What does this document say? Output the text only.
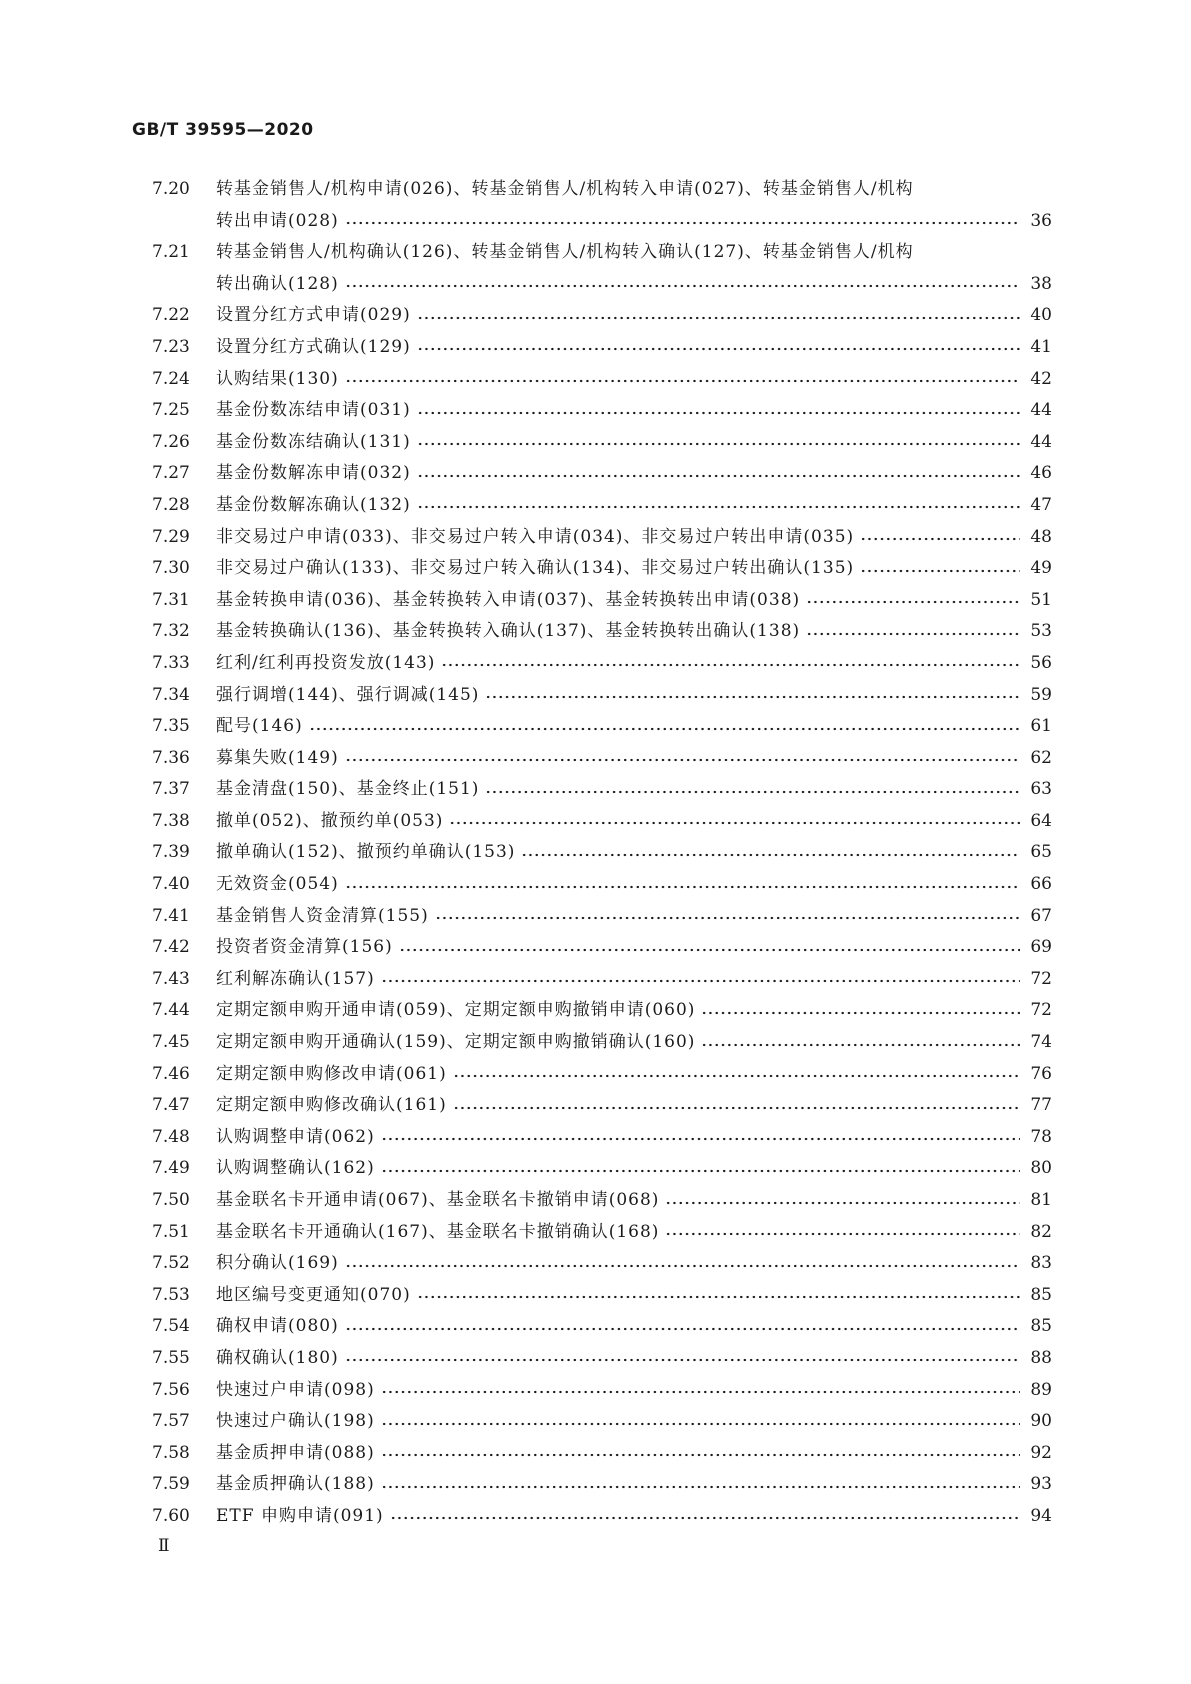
GB/T 39595—2020
7.20	转基金销售人/机构申请(026)、转基金销售人/机构转入申请(027)、转基金销售人/机构
转出申请(028)	36
7.21	转基金销售人/机构确认(126)、转基金销售人/机构转入确认(127)、转基金销售人/机构
转出确认(128)	38
7.22	设置分红方式申请(029)	40
7.23	设置分红方式确认(129)	41
7.24	认购结果(130)	42
7.25	基金份数冻结申请(031)	44
7.26	基金份数冻结确认(131)	44
7.27	基金份数解冻申请(032)	46
7.28	基金份数解冻确认(132)	47
7.29	非交易过户申请(033)、非交易过户转入申请(034)、非交易过户转出申请(035)	48
7.30	非交易过户确认(133)、非交易过户转入确认(134)、非交易过户转出确认(135)	49
7.31	基金转换申请(036)、基金转换转入申请(037)、基金转换转出申请(038)	51
7.32	基金转换确认(136)、基金转换转入确认(137)、基金转换转出确认(138)	53
7.33	红利/红利再投资发放(143)	56
7.34	强行调增(144)、强行调减(145)	59
7.35	配号(146)	61
7.36	募集失败(149)	62
7.37	基金清盘(150)、基金终止(151)	63
7.38	撤单(052)、撤预约单(053)	64
7.39	撤单确认(152)、撤预约单确认(153)	65
7.40	无效资金(054)	66
7.41	基金销售人资金清算(155)	67
7.42	投资者资金清算(156)	69
7.43	红利解冻确认(157)	72
7.44	定期定额申购开通申请(059)、定期定额申购撤销申请(060)	72
7.45	定期定额申购开通确认(159)、定期定额申购撤销确认(160)	74
7.46	定期定额申购修改申请(061)	76
7.47	定期定额申购修改确认(161)	77
7.48	认购调整申请(062)	78
7.49	认购调整确认(162)	80
7.50	基金联名卡开通申请(067)、基金联名卡撤销申请(068)	81
7.51	基金联名卡开通确认(167)、基金联名卡撤销确认(168)	82
7.52	积分确认(169)	83
7.53	地区编号变更通知(070)	85
7.54	确权申请(080)	85
7.55	确权确认(180)	88
7.56	快速过户申请(098)	89
7.57	快速过户确认(198)	90
7.58	基金质押申请(088)	92
7.59	基金质押确认(188)	93
7.60	ETF 申购申请(091)	94
Ⅱ
